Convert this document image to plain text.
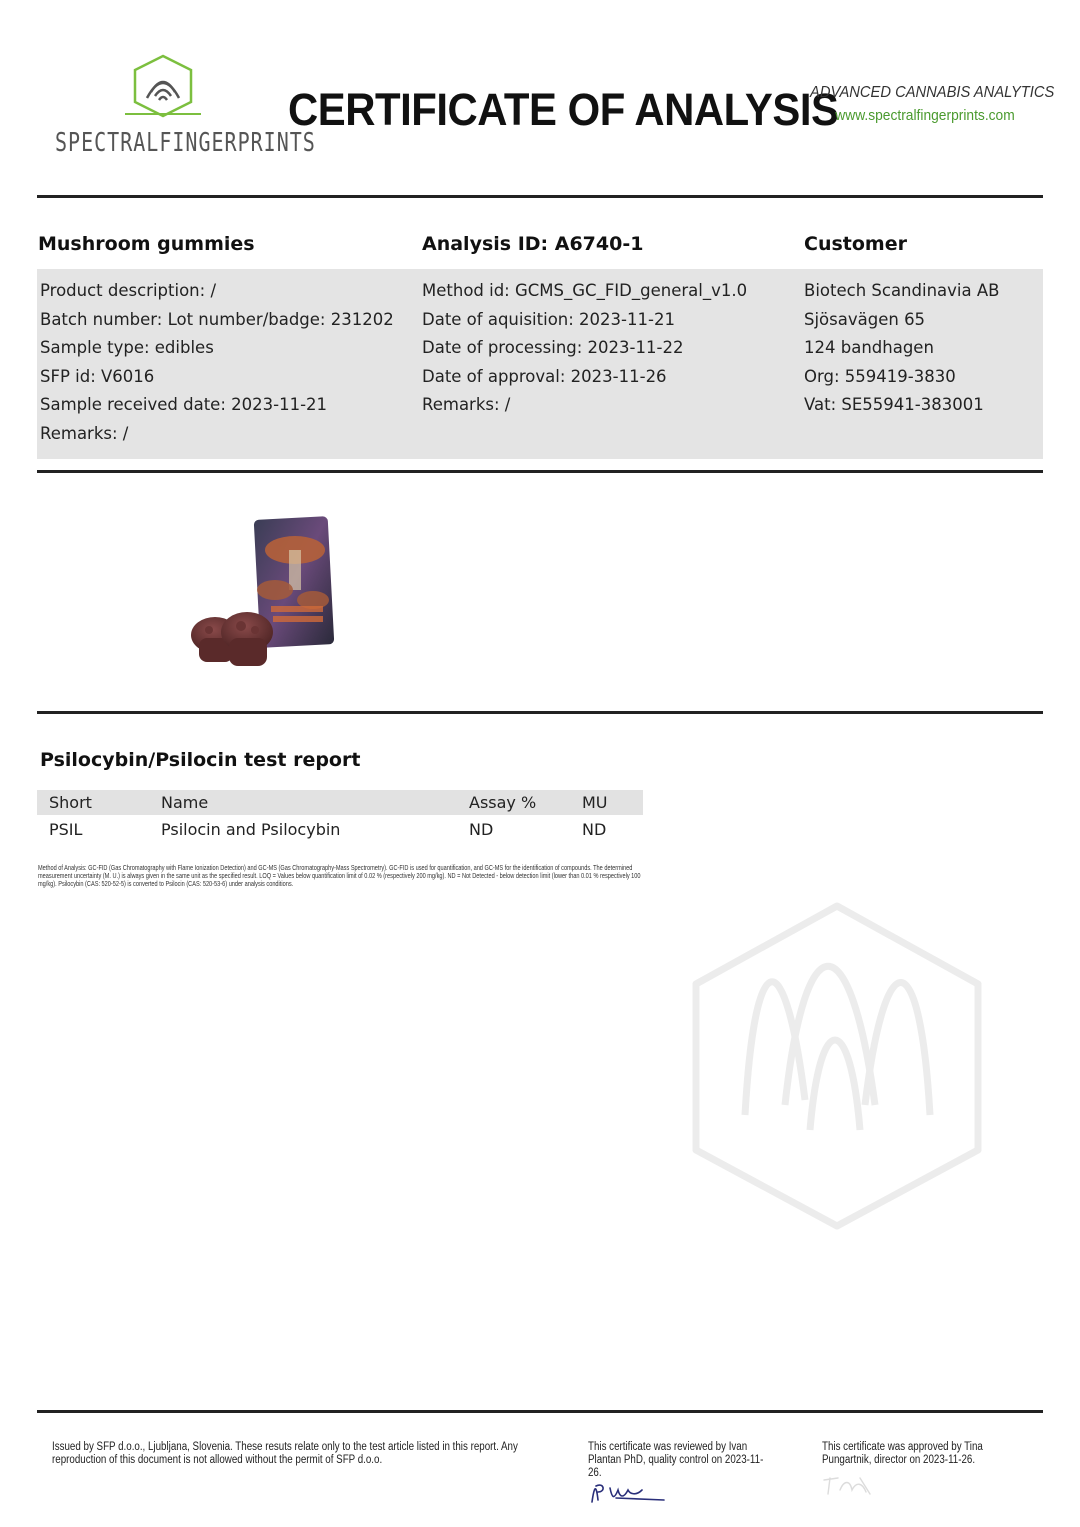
SPECTRALFINGERPRINTS
CERTIFICATE OF ANALYSIS
ADVANCED CANNABIS ANALYTICS
www.spectralfingerprints.com
Mushroom gummies	Analysis ID: A6740-1	Customer
Product description: /
Batch number: Lot number/badge: 231202
Sample type: edibles
SFP id: V6016
Sample received date: 2023-11-21
Remarks: /
Method id: GCMS_GC_FID_general_v1.0
Date of aquisition: 2023-11-21
Date of processing: 2023-11-22
Date of approval: 2023-11-26
Remarks: /
Biotech Scandinavia AB
Sjösavägen 65
124 bandhagen
Org: 559419-3830
Vat: SE55941-383001
Psilocybin/Psilocin test report
Short	Name	Assay %	MU
PSIL	Psilocin and Psilocybin	ND	ND
Method of Analysis: GC-FID (Gas Chromatography with Flame Ionization Detection) and GC-MS (Gas Chromatography-Mass Spectrometry). GC-FID is used for quantification, and GC-MS for the identification of compounds. The determined measurement uncertainty (M. U.) is always given in the same unit as the specified result. LOQ = Values below quantification limit of 0.02 % (respectively 200 mg/kg). ND = Not Detected - below detection limit (lower than 0.01 % respectively 100 mg/kg). Psilocybin (CAS: 520-52-5) is converted to Psilocin (CAS: 520-53-6) under analysis conditions.
Issued by SFP d.o.o., Ljubljana, Slovenia. These resuts relate only to the test article listed in this report. Any reproduction of this document is not allowed without the permit of SFP d.o.o.
This certificate was reviewed by Ivan Plantan PhD, quality control on 2023-11-26.
This certificate was approved by Tina Pungartnik, director on 2023-11-26.
